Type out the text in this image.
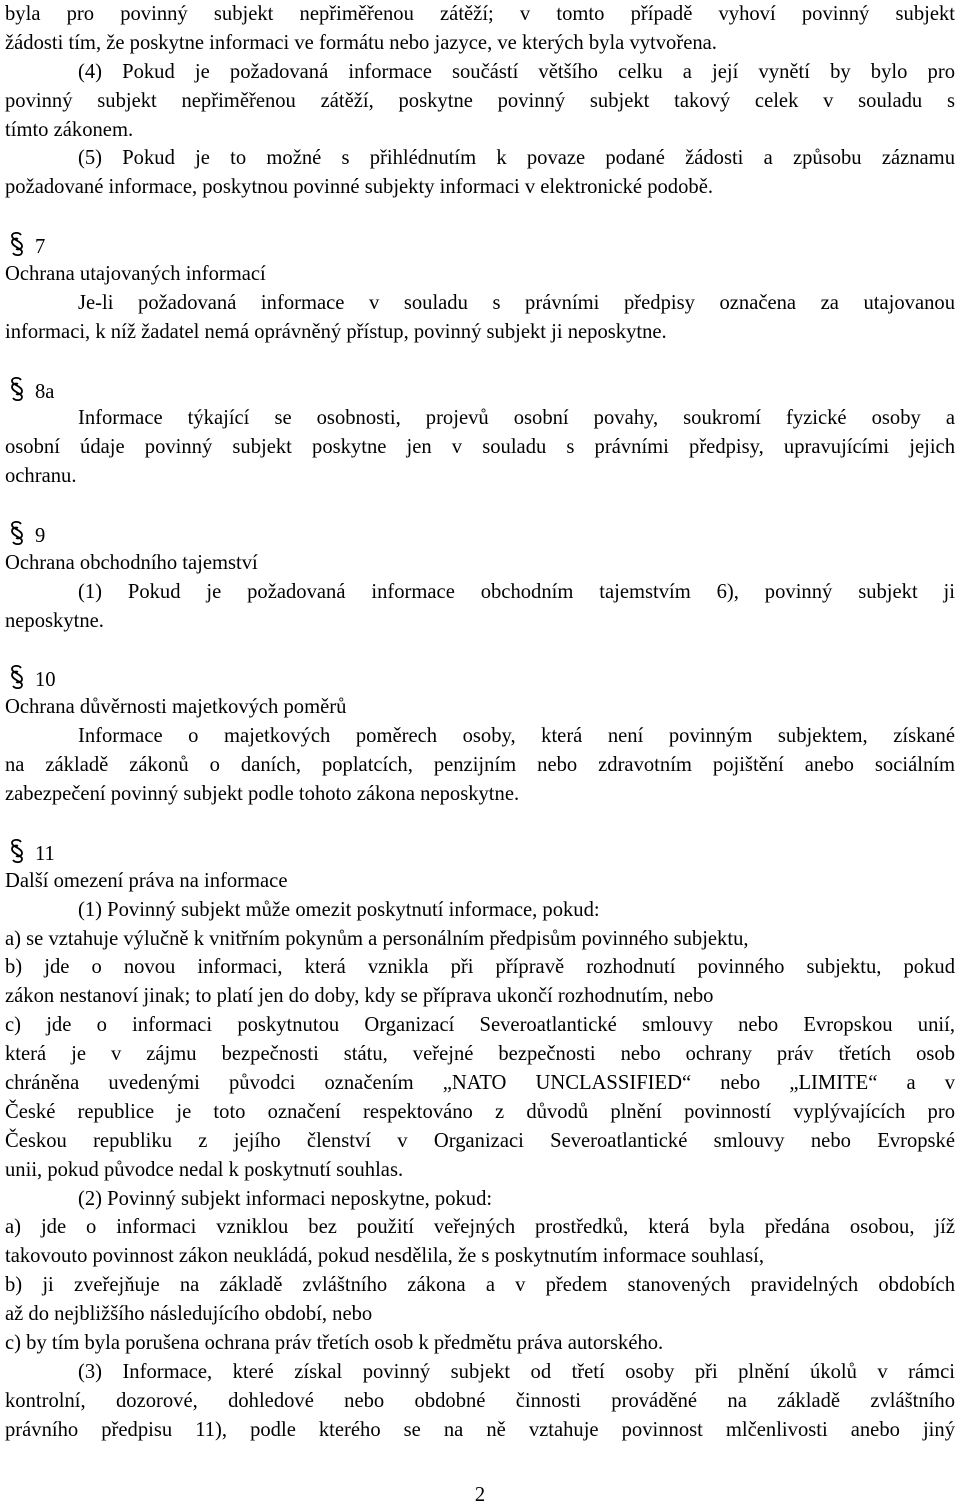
byla pro povinný subjekt nepřiměřenou zátěží; v tomto případě vyhoví povinný subjekt
žádosti tím, že poskytne informaci ve formátu nebo jazyce, ve kterých byla vytvořena.
(4) Pokud je požadovaná informace součástí většího celku a její vynětí by bylo pro
povinný subjekt nepřiměřenou zátěží, poskytne povinný subjekt takový celek v souladu s
tímto zákonem.
(5) Pokud je to možné s přihlédnutím k povaze podané žádosti a způsobu záznamu
požadované informace, poskytnou povinné subjekty informaci v elektronické podobě.
7
Ochrana utajovaných informací
Je-li požadovaná informace v souladu s právními předpisy označena za utajovanou
informaci, k níž žadatel nemá oprávněný přístup, povinný subjekt ji neposkytne.
8a
Informace týkající se osobnosti, projevů osobní povahy, soukromí fyzické osoby a
osobní údaje povinný subjekt poskytne jen v souladu s právními předpisy, upravujícími jejich
ochranu.
9
Ochrana obchodního tajemství
(1) Pokud je požadovaná informace obchodním tajemstvím 6), povinný subjekt ji
neposkytne.
10
Ochrana důvěrnosti majetkových poměrů
Informace o majetkových poměrech osoby, která není povinným subjektem, získané
na základě zákonů o daních, poplatcích, penzijním nebo zdravotním pojištění anebo sociálním
zabezpečení povinný subjekt podle tohoto zákona neposkytne.
11
Další omezení práva na informace
(1) Povinný subjekt může omezit poskytnutí informace, pokud:
a) se vztahuje výlučně k vnitřním pokynům a personálním předpisům povinného subjektu,
b) jde o novou informaci, která vznikla při přípravě rozhodnutí povinného subjektu, pokud
zákon nestanoví jinak; to platí jen do doby, kdy se příprava ukončí rozhodnutím, nebo
c) jde o informaci poskytnutou Organizací Severoatlantické smlouvy nebo Evropskou unií,
která je v zájmu bezpečnosti státu, veřejné bezpečnosti nebo ochrany práv třetích osob
chráněna uvedenými původci označením „NATO UNCLASSIFIED“ nebo „LIMITE“ a v
České republice je toto označení respektováno z důvodů plnění povinností vyplývajících pro
Českou republiku z jejího členství v Organizaci Severoatlantické smlouvy nebo Evropské
unii, pokud původce nedal k poskytnutí souhlas.
(2) Povinný subjekt informaci neposkytne, pokud:
a) jde o informaci vzniklou bez použití veřejných prostředků, která byla předána osobou, jíž
takovouto povinnost zákon neukládá, pokud nesdělila, že s poskytnutím informace souhlasí,
b) ji zveřejňuje na základě zvláštního zákona a v předem stanovených pravidelných obdobích
až do nejbližšího následujícího období, nebo
c) by tím byla porušena ochrana práv třetích osob k předmětu práva autorského.
(3) Informace, které získal povinný subjekt od třetí osoby při plnění úkolů v rámci
kontrolní, dozorové, dohledové nebo obdobné činnosti prováděné na základě zvláštního
právního předpisu 11), podle kterého se na ně vztahuje povinnost mlčenlivosti anebo jiný
2
